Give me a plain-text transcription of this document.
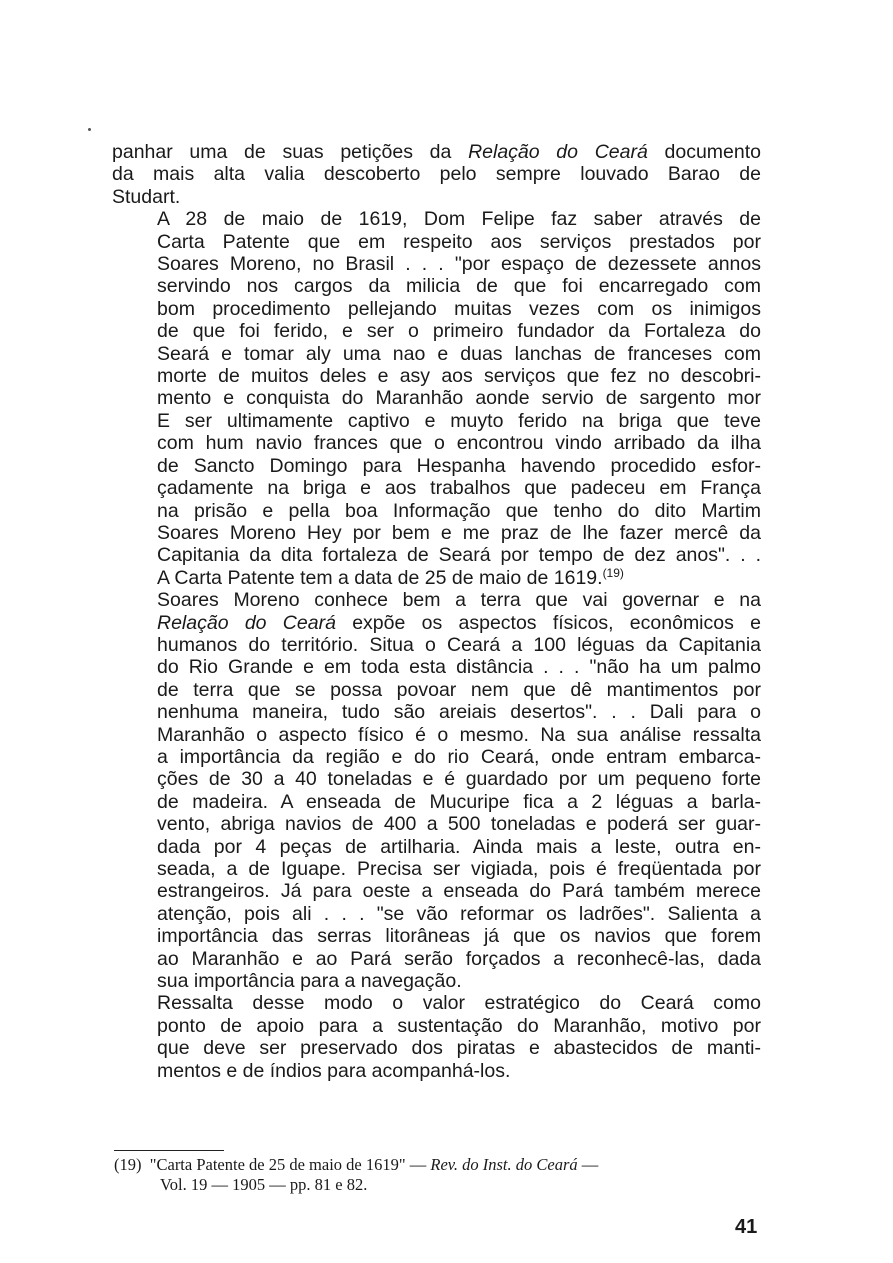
panhar uma de suas petições da Relação do Ceará documento
da mais alta valia descoberto pelo sempre louvado Barao de
Studart.

A 28 de maio de 1619, Dom Felipe faz saber através de
Carta Patente que em respeito aos serviços prestados por
Soares Moreno, no Brasil . . . "por espaço de dezessete annos
servindo nos cargos da milicia de que foi encarregado com
bom procedimento pellejando muitas vezes com os inimigos
de que foi ferido, e ser o primeiro fundador da Fortaleza do
Seará e tomar aly uma nao e duas lanchas de franceses com
morte de muitos deles e asy aos serviços que fez no descobri-
mento e conquista do Maranhão aonde servio de sargento mor
E ser ultimamente captivo e muyto ferido na briga que teve
com hum navio frances que o encontrou vindo arribado da ilha
de Sancto Domingo para Hespanha havendo procedido esfor-
çadamente na briga e aos trabalhos que padeceu em França
na prisão e pella boa Informação que tenho do dito Martim
Soares Moreno Hey por bem e me praz de lhe fazer mercê da
Capitania da dita fortaleza de Seará por tempo de dez anos". . .
A Carta Patente tem a data de 25 de maio de 1619.$^{(19)}$

Soares Moreno conhece bem a terra que vai governar e na
Relação do Ceará expõe os aspectos físicos, econômicos e
humanos do território. Situa o Ceará a 100 léguas da Capitania
do Rio Grande e em toda esta distância . . . "não ha um palmo
de terra que se possa povoar nem que dê mantimentos por
nenhuma maneira, tudo são areiais desertos". . . Dali para o
Maranhão o aspecto físico é o mesmo. Na sua análise ressalta
a importância da região e do rio Ceará, onde entram embarca-
ções de 30 a 40 toneladas e é guardado por um pequeno forte
de madeira. A enseada de Mucuripe fica a 2 léguas a barla-
vento, abriga navios de 400 a 500 toneladas e poderá ser guar-
dada por 4 peças de artilharia. Ainda mais a leste, outra en-
seada, a de Iguape. Precisa ser vigiada, pois é freqüentada por
estrangeiros. Já para oeste a enseada do Pará também merece
atenção, pois ali . . . "se vão reformar os ladrões". Salienta a
importância das serras litorâneas já que os navios que forem
ao Maranhão e ao Pará serão forçados a reconhecê-las, dada
sua importância para a navegação.

Ressalta desse modo o valor estratégico do Ceará como
ponto de apoio para a sustentação do Maranhão, motivo por
que deve ser preservado dos piratas e abastecidos de manti-
mentos e de índios para acompanhá-los.

(19) "Carta Patente de 25 de maio de 1619" — Rev. do Inst. do Ceará —
Vol. 19 — 1905 — pp. 81 e 82.
41
